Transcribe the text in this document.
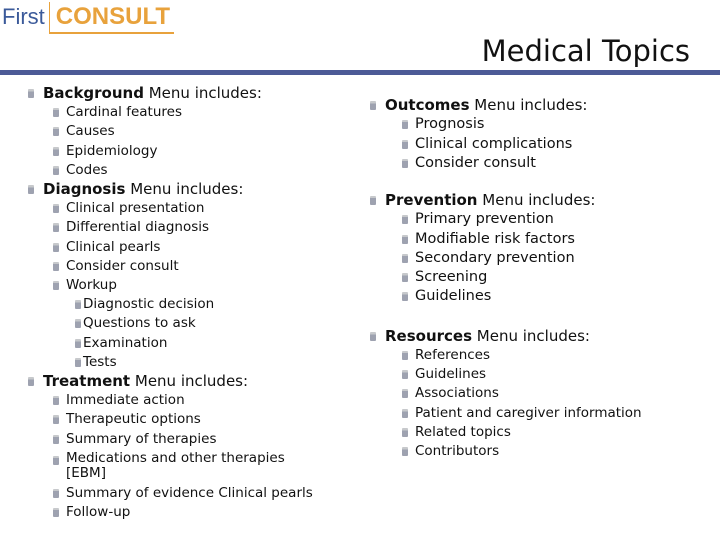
First CONSULT
Medical Topics
Background Menu includes:
Cardinal features
Causes
Epidemiology
Codes
Diagnosis Menu includes:
Clinical presentation
Differential diagnosis
Clinical pearls
Consider consult
Workup
Diagnostic decision
Questions to ask
Examination
Tests
Treatment Menu includes:
Immediate action
Therapeutic options
Summary of therapies
Medications and other therapies [EBM]
Summary of evidence Clinical pearls
Follow-up
Outcomes Menu includes:
Prognosis
Clinical complications
Consider consult
Prevention Menu includes:
Primary prevention
Modifiable risk factors
Secondary prevention
Screening
Guidelines
Resources Menu includes:
References
Guidelines
Associations
Patient and caregiver information
Related topics
Contributors
